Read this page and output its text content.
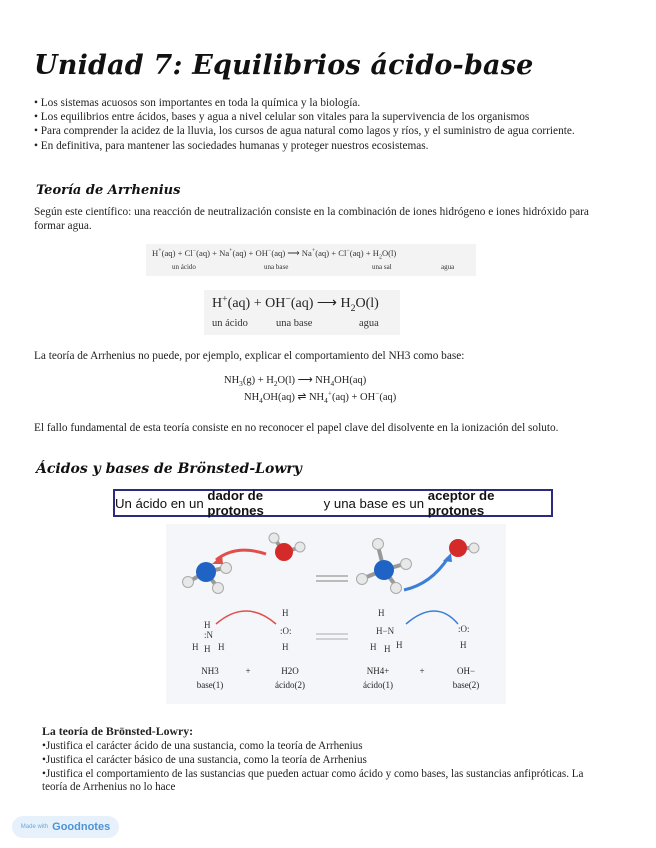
Unidad 7: Equilibrios ácido-base
• Los sistemas acuosos son importantes en toda la química y la biología.
• Los equilibrios entre ácidos, bases y agua a nivel celular son vitales para la supervivencia de los organismos
• Para comprender la acidez de la lluvia, los cursos de agua natural como lagos y ríos, y el suministro de agua corriente.
• En definitiva, para mantener las sociedades humanas y proteger nuestros ecosistemas.
Teoría de Arrhenius

Según este científico: una reacción de neutralización consiste en la combinación de iones hidrógeno e iones hidróxido para formar agua.

H+(aq) + Cl−(aq) + Na+(aq) + OH−(aq) ⟶ $Na^+(aq) + Cl^-(aq) + H_2O(l)$
un ácido	una base	una sal	agua
H+(aq) + OH−(aq) ⟶ $H_2O(l)$
un ácido	una base	agua

La teoría de Arrhenius no puede, por ejemplo, explicar el comportamiento del NH3 como base:

$NH_3(g) + H_2O(l)$ ⟶ $NH_4OH(aq)$
$NH_4OH(aq)$ ⇌ $NH_4^+(aq) + OH^-(aq)$

El fallo fundamental de esta teoría consiste en no reconocer el papel clave del disolvente en la ionización del soluto.

Ácidos y bases de Brönsted-Lowry
Un ácido en un dador de protones	y una base es un aceptor de protones
H
:N
H H H
H
:O:
H
H
H−N
H H H
:O:
H
NH3	+	H2O	NH4+	+	OH−
base(1)	ácido(2)	ácido(1)	base(2)

La teoría de Brönsted-Lowry:

•Justifica el carácter ácido de una sustancia, como la teoría de Arrhenius
•Justifica el carácter básico de una sustancia, como la teoría de Arrhenius
•Justifica el comportamiento de las sustancias que pueden actuar como ácido y como bases, las sustancias anfipróticas. La teoría de Arrhenius no lo hace
Made with Goodnotes
